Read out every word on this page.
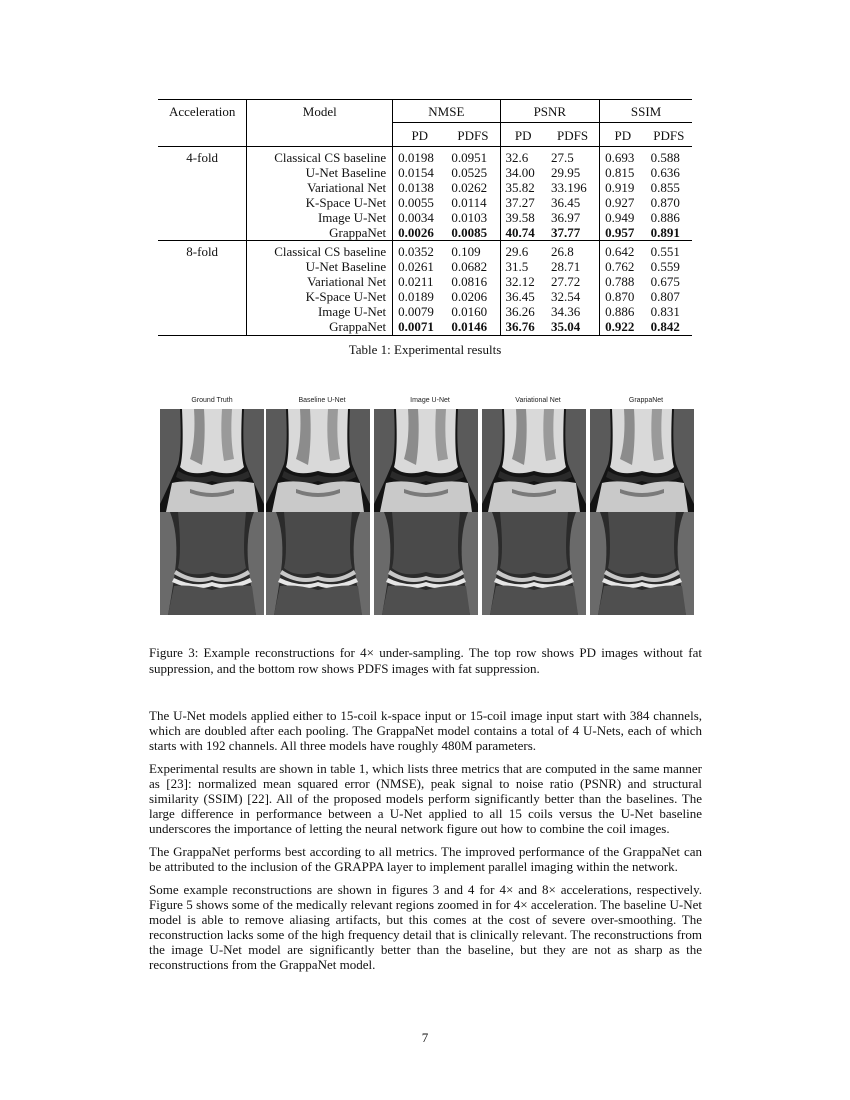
Acceleration	Model	NMSE		PSNR		SSIM	
		PD	PDFS	PD	PDFS	PD	PDFS
4-fold	Classical CS baseline	0.0198	0.0951	32.6	27.5	0.693	0.588
	U-Net Baseline	0.0154	0.0525	34.00	29.95	0.815	0.636
	Variational Net	0.0138	0.0262	35.82	33.196	0.919	0.855
	K-Space U-Net	0.0055	0.0114	37.27	36.45	0.927	0.870
	Image U-Net	0.0034	0.0103	39.58	36.97	0.949	0.886
	GrappaNet	0.0026	0.0085	40.74	37.77	0.957	0.891
8-fold	Classical CS baseline	0.0352	0.109	29.6	26.8	0.642	0.551
	U-Net Baseline	0.0261	0.0682	31.5	28.71	0.762	0.559
	Variational Net	0.0211	0.0816	32.12	27.72	0.788	0.675
	K-Space U-Net	0.0189	0.0206	36.45	32.54	0.870	0.807
	Image U-Net	0.0079	0.0160	36.26	34.36	0.886	0.831
	GrappaNet	0.0071	0.0146	36.76	35.04	0.922	0.842
Table 1: Experimental results
Ground Truth	Baseline U-Net	Image U-Net	Variational Net	GrappaNet
Figure 3: Example reconstructions for 4× under-sampling. The top row shows PD images without fat suppression, and the bottom row shows PDFS images with fat suppression.

The U-Net models applied either to 15-coil k-space input or 15-coil image input start with 384 channels, which are doubled after each pooling. The GrappaNet model contains a total of 4 U-Nets, each of which starts with 192 channels. All three models have roughly 480M parameters.

Experimental results are shown in table 1, which lists three metrics that are computed in the same manner as [23]: normalized mean squared error (NMSE), peak signal to noise ratio (PSNR) and structural similarity (SSIM) [22]. All of the proposed models perform significantly better than the baselines. The large difference in performance between a U-Net applied to all 15 coils versus the U-Net baseline underscores the importance of letting the neural network figure out how to combine the coil images.

The GrappaNet performs best according to all metrics. The improved performance of the GrappaNet can be attributed to the inclusion of the GRAPPA layer to implement parallel imaging within the network.

Some example reconstructions are shown in figures 3 and 4 for 4× and 8× accelerations, respectively. Figure 5 shows some of the medically relevant regions zoomed in for 4× acceleration. The baseline U-Net model is able to remove aliasing artifacts, but this comes at the cost of severe over-smoothing. The reconstruction lacks some of the high frequency detail that is clinically relevant. The reconstructions from the image U-Net model are significantly better than the baseline, but they are not as sharp as the reconstructions from the GrappaNet model.

7
